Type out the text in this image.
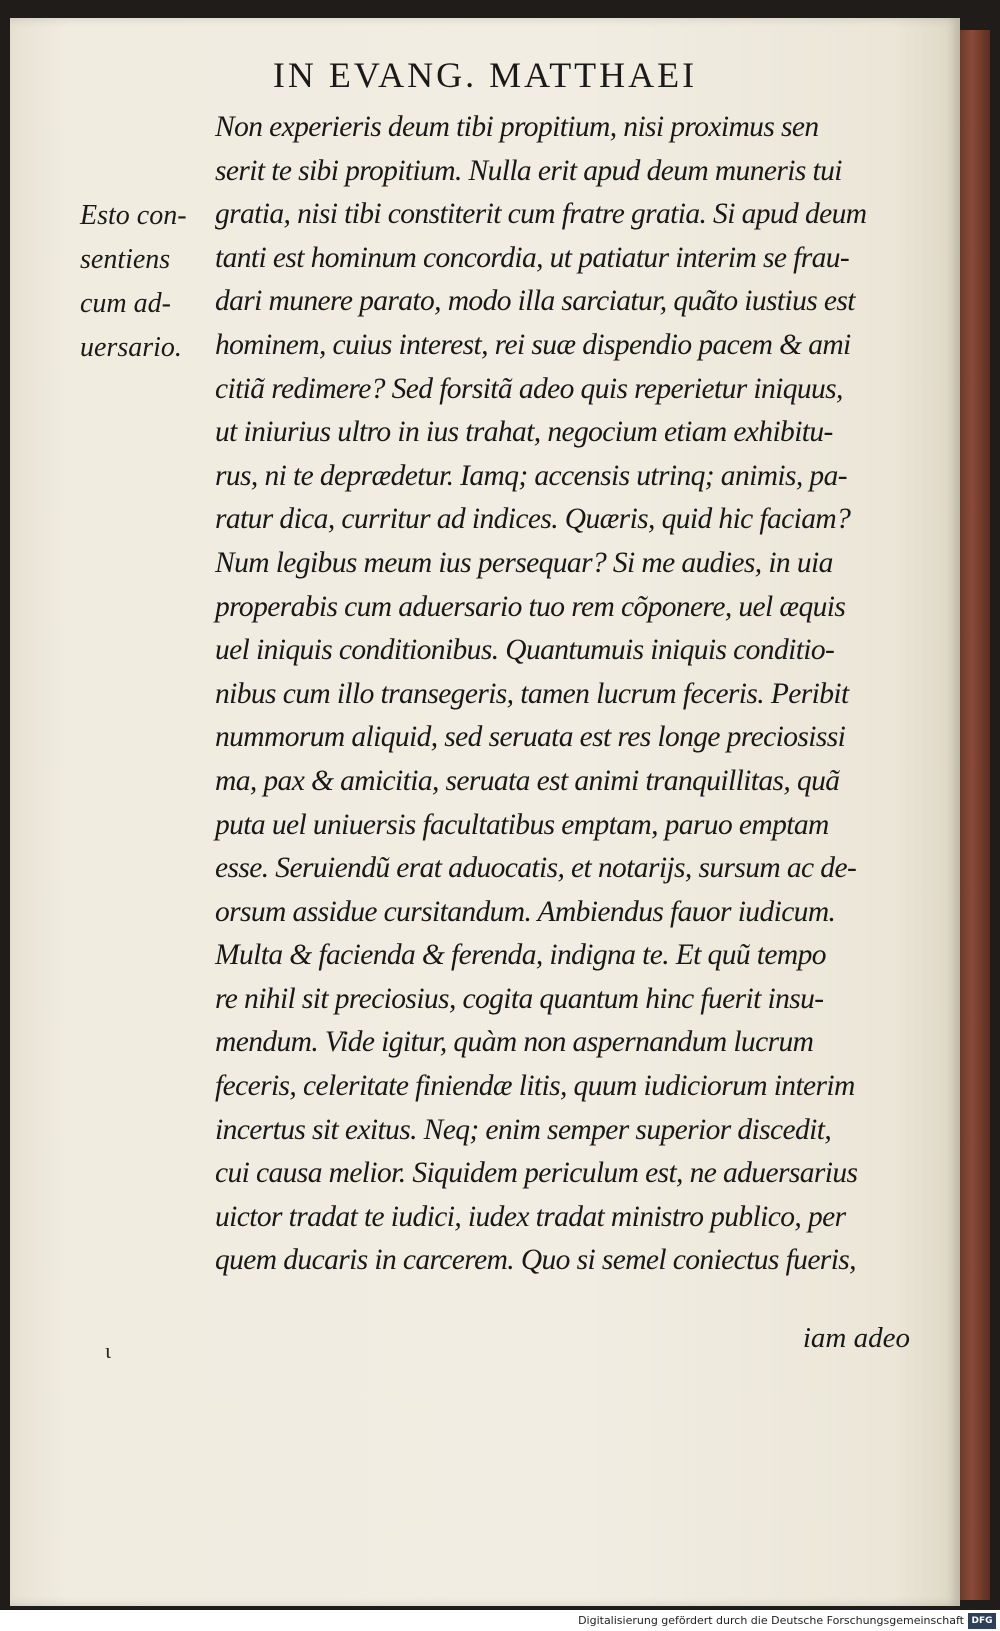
IN EVANG. MATTHAEI
Esto con-
sentiens
cum ad-
uersario.
Non experieris deum tibi propitium, nisi proximus sen
serit te sibi propitium. Nulla erit apud deum muneris tui
gratia, nisi tibi constiterit cum fratre gratia. Si apud deum
tanti est hominum concordia, ut patiatur interim se frau-
dari munere parato, modo illa sarciatur, quãto iustius est
hominem, cuius interest, rei suæ dispendio pacem & ami
citiã redimere? Sed forsitã adeo quis reperietur iniquus,
ut iniurius ultro in ius trahat, negocium etiam exhibitu-
rus, ni te deprædetur. Iamq; accensis utrinq; animis, pa-
ratur dica, curritur ad indices. Quæris, quid hic faciam?
Num legibus meum ius persequar? Si me audies, in uia
properabis cum aduersario tuo rem cõponere, uel æquis
uel iniquis conditionibus. Quantumuis iniquis conditio-
nibus cum illo transegeris, tamen lucrum feceris. Peribit
nummorum aliquid, sed seruata est res longe preciosissi
ma, pax & amicitia, seruata est animi tranquillitas, quã
puta uel uniuersis facultatibus emptam, paruo emptam
esse. Seruiendũ erat aduocatis, et notarijs, sursum ac de-
orsum assidue cursitandum. Ambiendus fauor iudicum.
Multa & facienda & ferenda, indigna te. Et quũ tempo
re nihil sit preciosius, cogita quantum hinc fuerit insu-
mendum. Vide igitur, quàm non aspernandum lucrum
feceris, celeritate finiendæ litis, quum iudiciorum interim
incertus sit exitus. Neq; enim semper superior discedit,
cui causa melior. Siquidem periculum est, ne aduersarius
uictor tradat te iudici, iudex tradat ministro publico, per
quem ducaris in carcerem. Quo si semel coniectus fueris,
iam adeo
ɩ
Digitalisierung gefördert durch die Deutsche Forschungsgemeinschaft DFG
